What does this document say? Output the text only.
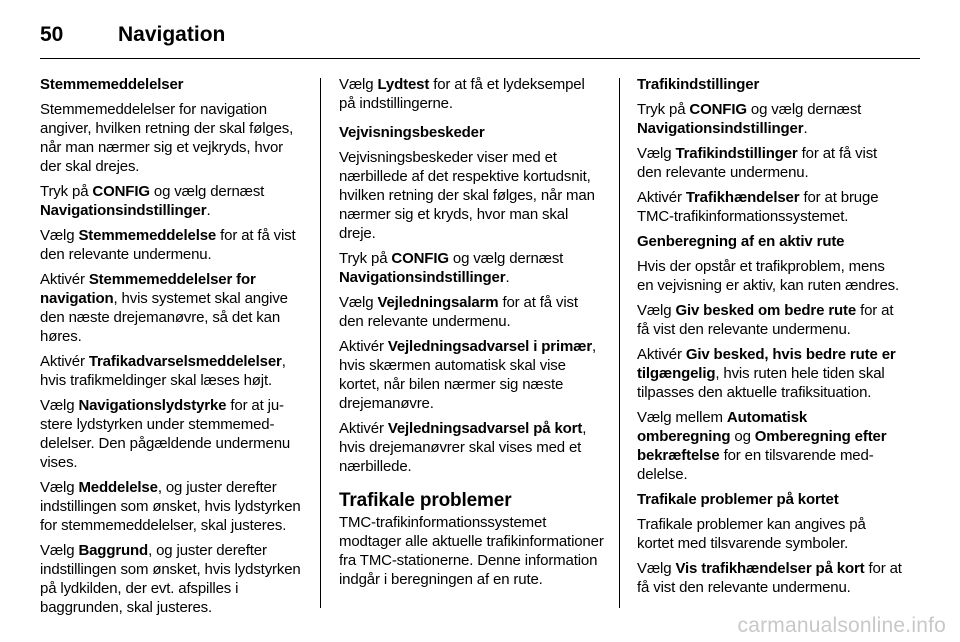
50	Navigation

Stemmemeddelelser

Stemmemeddelelser for navigation angiver, hvilken retning der skal følges, når man nærmer sig et vejkryds, hvor der skal drejes.

Tryk på CONFIG og vælg dernæst Navigationsindstillinger.

Vælg Stemmemeddelelse for at få vist den relevante undermenu.

Aktivér Stemmemeddelelser for navigation, hvis systemet skal angive den næste drejemanøvre, så det kan høres.

Aktivér Trafikadvarselsmeddelelser, hvis trafikmeldinger skal læses højt.

Vælg Navigationslydstyrke for at justere lydstyrken under stemmemeddelelser. Den pågældende undermenu vises.

Vælg Meddelelse, og juster derefter indstillingen som ønsket, hvis lydstyrken for stemmemeddelelser, skal justeres.

Vælg Baggrund, og juster derefter indstillingen som ønsket, hvis lydstyrken på lydkilden, der evt. afspilles i baggrunden, skal justeres.

Vælg Lydtest for at få et lydeksempel på indstillingerne.

Vejvisningsbeskeder

Vejvisningsbeskeder viser med et nærbillede af det respektive kortudsnit, hvilken retning der skal følges, når man nærmer sig et kryds, hvor man skal dreje.

Tryk på CONFIG og vælg dernæst Navigationsindstillinger.

Vælg Vejledningsalarm for at få vist den relevante undermenu.

Aktivér Vejledningsadvarsel i primær, hvis skærmen automatisk skal vise kortet, når bilen nærmer sig næste drejemanøvre.

Aktivér Vejledningsadvarsel på kort, hvis drejemanøvrer skal vises med et nærbillede.

Trafikale problemer

TMC-trafikinformationssystemet modtager alle aktuelle trafikinformationer fra TMC-stationerne. Denne information indgår i beregningen af en rute.

Trafikindstillinger

Tryk på CONFIG og vælg dernæst Navigationsindstillinger.

Vælg Trafikindstillinger for at få vist den relevante undermenu.

Aktivér Trafikhændelser for at bruge TMC-trafikinformationssystemet.

Genberegning af en aktiv rute

Hvis der opstår et trafikproblem, mens en vejvisning er aktiv, kan ruten ændres.

Vælg Giv besked om bedre rute for at få vist den relevante undermenu.

Aktivér Giv besked, hvis bedre rute er tilgængelig, hvis ruten hele tiden skal tilpasses den aktuelle trafiksituation.

Vælg mellem Automatisk omberegning og Omberegning efter bekræftelse for en tilsvarende meddelelse.

Trafikale problemer på kortet

Trafikale problemer kan angives på kortet med tilsvarende symboler.

Vælg Vis trafikhændelser på kort for at få vist den relevante undermenu.

carmanualsonline.info
